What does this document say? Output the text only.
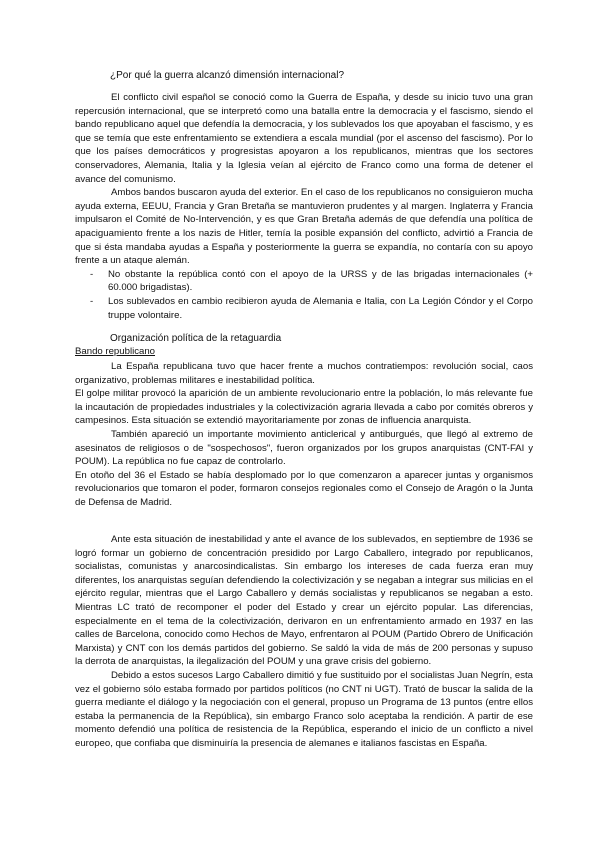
¿Por qué la guerra alcanzó dimensión internacional?

El conflicto civil español se conoció como la Guerra de España, y desde su inicio tuvo una gran repercusión internacional, que se interpretó como una batalla entre la democracia y el fascismo, siendo el bando republicano aquel que defendía la democracia, y los sublevados los que apoyaban el fascismo, y es que se temía que este enfrentamiento se extendiera a escala mundial (por el ascenso del fascismo). Por lo que los países democráticos y progresistas apoyaron a los republicanos, mientras que los sectores conservadores, Alemania, Italia y la Iglesia veían al ejército de Franco como una forma de detener el avance del comunismo.

Ambos bandos buscaron ayuda del exterior. En el caso de los republicanos no consiguieron mucha ayuda externa, EEUU, Francia y Gran Bretaña se mantuvieron prudentes y al margen. Inglaterra y Francia impulsaron el Comité de No-Intervención, y es que Gran Bretaña además de que defendía una política de apaciguamiento frente a los nazis de Hitler, temía la posible expansión del conflicto, advirtió a Francia de que si ésta mandaba ayudas a España y posteriormente la guerra se expandía, no contaría con su apoyo frente a un ataque alemán.

- No obstante la república contó con el apoyo de la URSS y de las brigadas internacionales (+ 60.000 brigadistas).
- Los sublevados en cambio recibieron ayuda de Alemania e Italia, con La Legión Cóndor y el Corpo truppe volontaire.
Organización política de la retaguardia
Bando republicano

La España republicana tuvo que hacer frente a muchos contratiempos: revolución social, caos organizativo, problemas militares e inestabilidad política.

El golpe militar provocó la aparición de un ambiente revolucionario entre la población, lo más relevante fue la incautación de propiedades industriales y la colectivización agraria llevada a cabo por comités obreros y campesinos. Esta situación se extendió mayoritariamente por zonas de influencia anarquista.

También apareció un importante movimiento anticlerical y antiburgués, que llegó al extremo de asesinatos de religiosos o de "sospechosos", fueron organizados por los grupos anarquistas (CNT-FAI y POUM). La república no fue capaz de controlarlo.

En otoño del 36 el Estado se había desplomado por lo que comenzaron a aparecer juntas y organismos revolucionarios que tomaron el poder, formaron consejos regionales como el Consejo de Aragón o la Junta de Defensa de Madrid.

Ante esta situación de inestabilidad y ante el avance de los sublevados, en septiembre de 1936 se logró formar un gobierno de concentración presidido por Largo Caballero, integrado por republicanos, socialistas, comunistas y anarcosindicalistas. Sin embargo los intereses de cada fuerza eran muy diferentes, los anarquistas seguían defendiendo la colectivización y se negaban a integrar sus milicias en el ejército regular, mientras que el Largo Caballero y demás socialistas y republicanos se negaban a esto. Mientras LC trató de recomponer el poder del Estado y crear un ejército popular. Las diferencias, especialmente en el tema de la colectivización, derivaron en un enfrentamiento armado en 1937 en las calles de Barcelona, conocido como Hechos de Mayo, enfrentaron al POUM (Partido Obrero de Unificación Marxista) y CNT con los demás partidos del gobierno. Se saldó la vida de más de 200 personas y supuso la derrota de anarquistas, la ilegalización del POUM y una grave crisis del gobierno.

Debido a estos sucesos Largo Caballero dimitió y fue sustituido por el socialistas Juan Negrín, esta vez el gobierno sólo estaba formado por partidos políticos (no CNT ni UGT). Trató de buscar la salida de la guerra mediante el diálogo y la negociación con el general, propuso un Programa de 13 puntos (entre ellos estaba la permanencia de la República), sin embargo Franco solo aceptaba la rendición. A partir de ese momento defendió una política de resistencia de la República, esperando el inicio de un conflicto a nivel europeo, que confiaba que disminuiría la presencia de alemanes e italianos fascistas en España.
